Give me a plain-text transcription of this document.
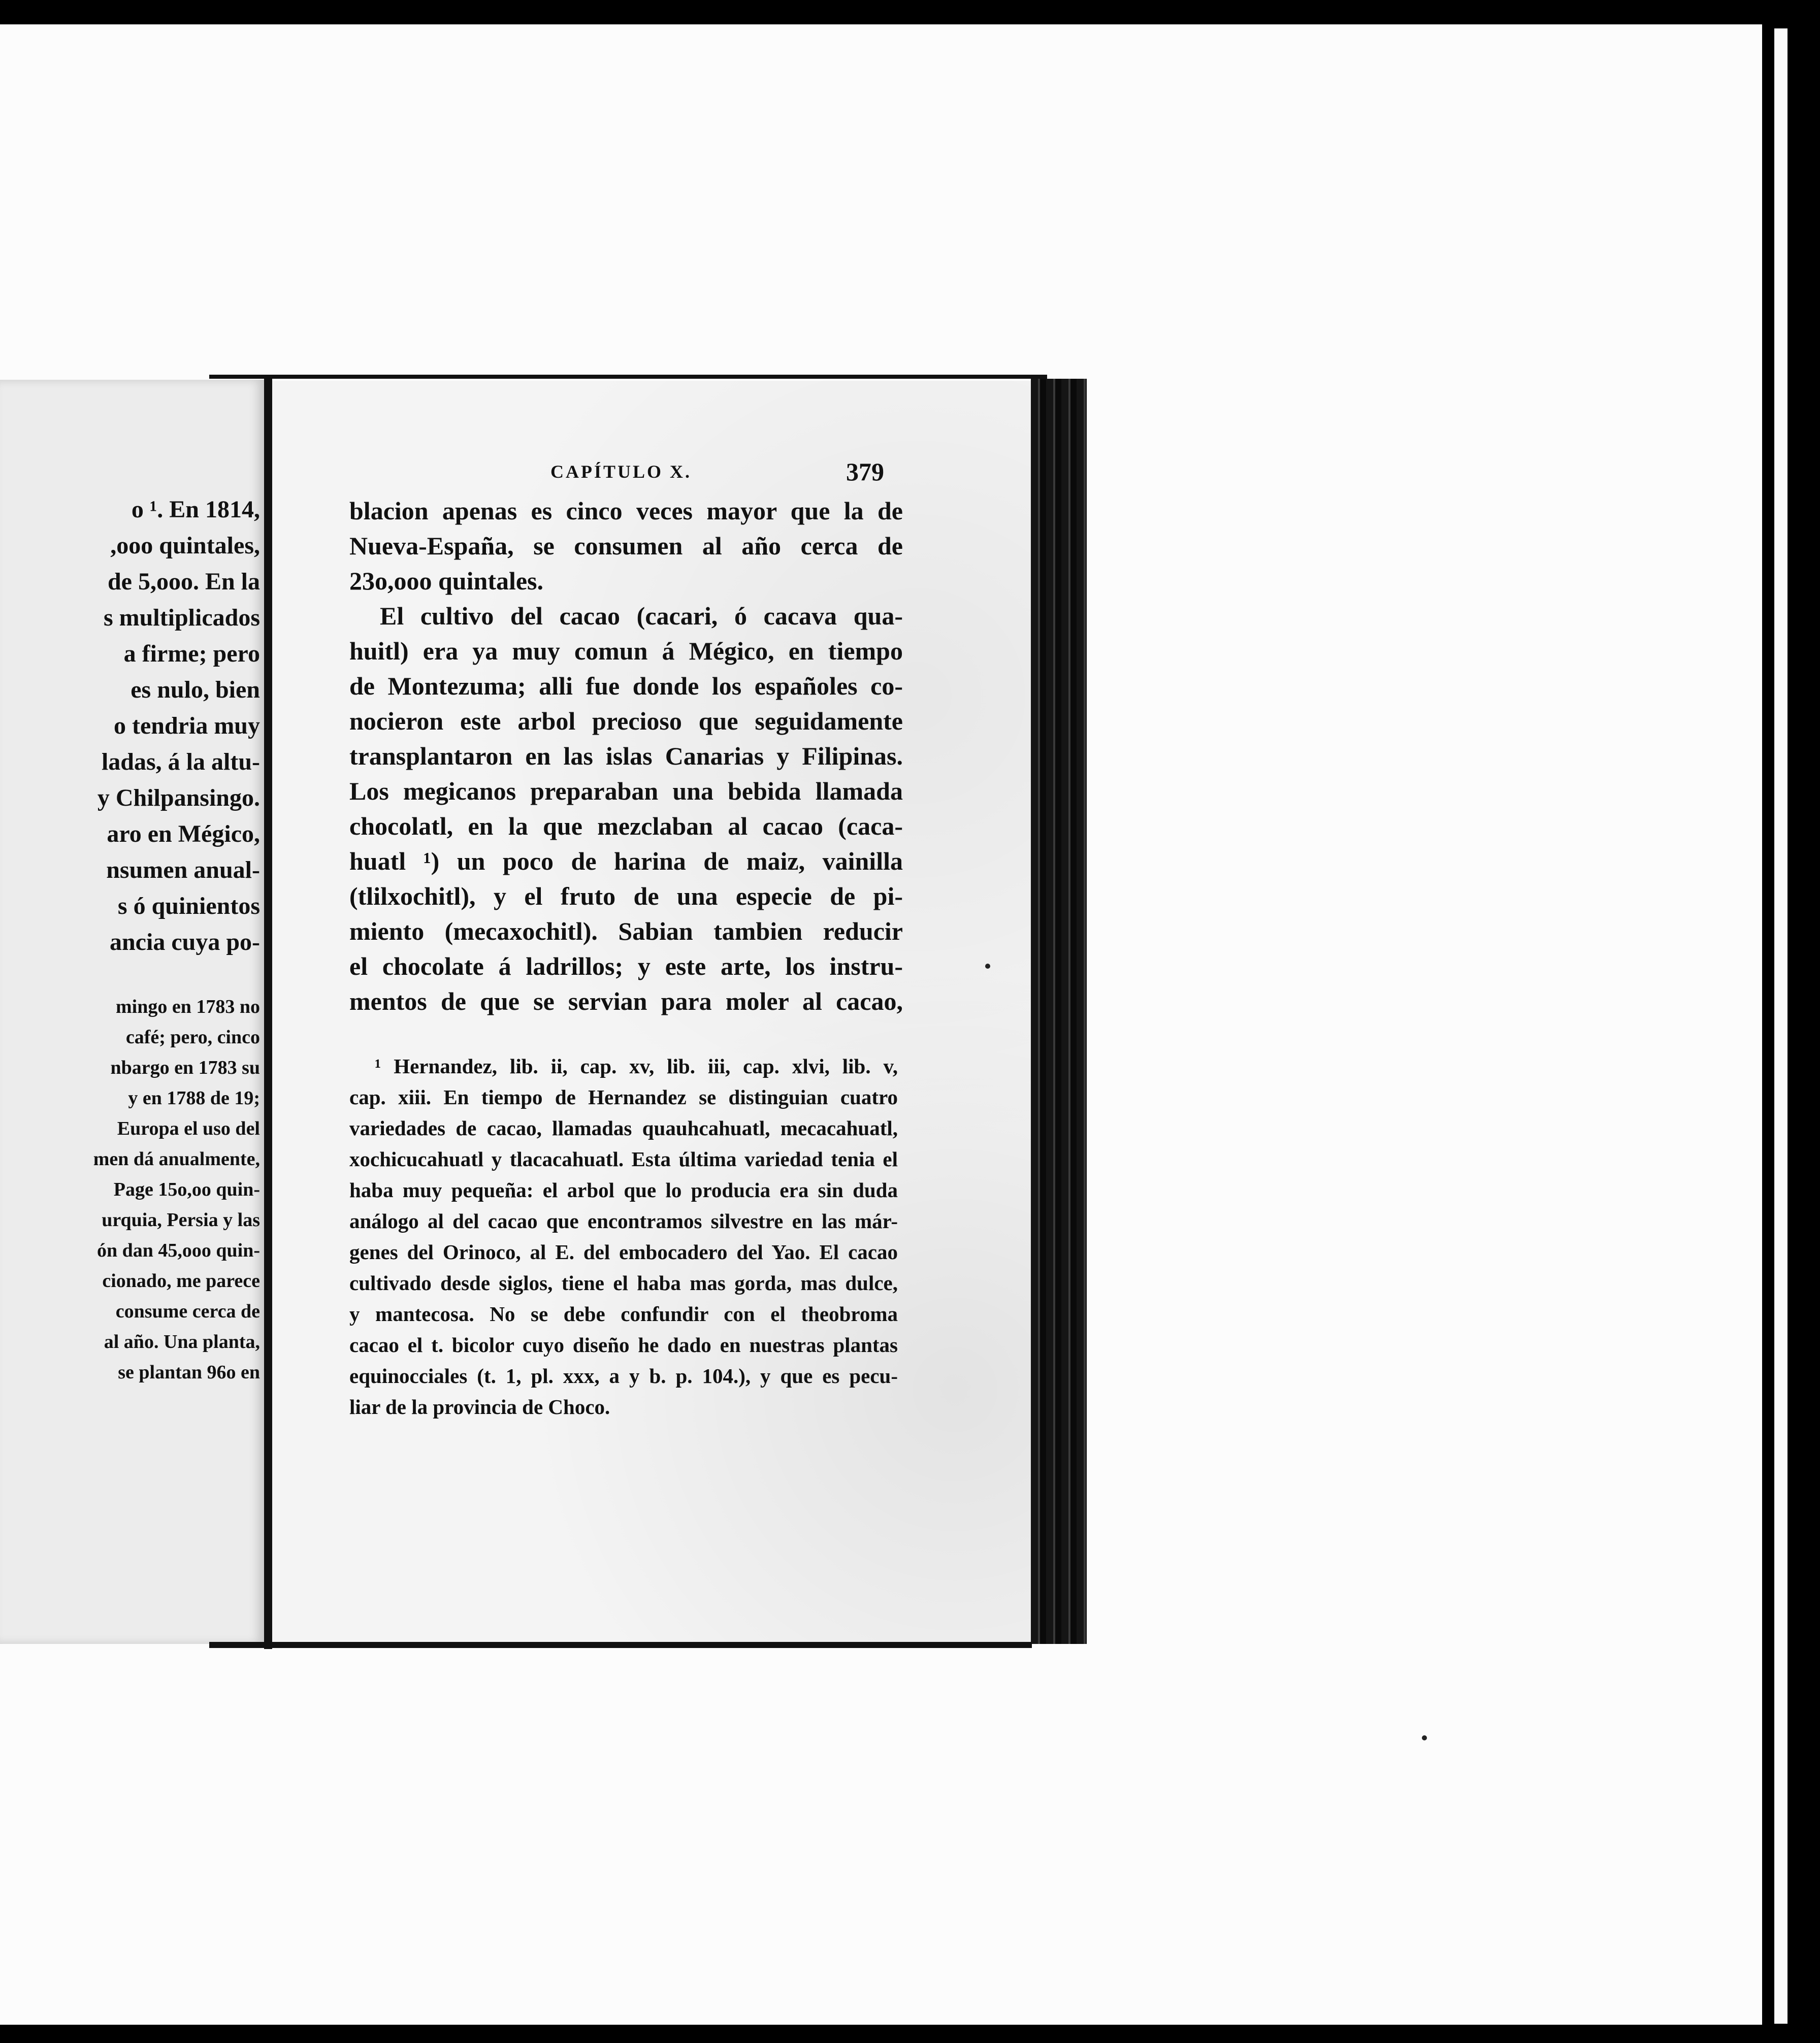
o ¹. En 1814,
,ooo quintales,
de 5,ooo. En la
s multiplicados
a firme; pero
es nulo, bien
o tendria muy
ladas, á la altu-
y Chilpansingo.
aro en Mégico,
nsumen anual-
s ó quinientos
ancia cuya po-
mingo en 1783 no
café; pero, cinco
nbargo en 1783 su
y en 1788 de 19;
Europa el uso del
men dá anualmente,
Page 15o,oo quin-
urquia, Persia y las
ón dan 45,ooo quin-
cionado, me parece
consume cerca de
al año. Una planta,
se plantan 96o en
CAPÍTULO X.	379
blacion apenas es cinco veces mayor que la de
Nueva-España, se consumen al año cerca de
23o,ooo quintales.
El cultivo del cacao (cacari, ó cacava qua-
huitl) era ya muy comun á Mégico, en tiempo
de Montezuma; alli fue donde los españoles co-
nocieron este arbol precioso que seguidamente
transplantaron en las islas Canarias y Filipinas.
Los megicanos preparaban una bebida llamada
chocolatl, en la que mezclaban al cacao (caca-
huatl ¹) un poco de harina de maiz, vainilla
(tlilxochitl), y el fruto de una especie de pi-
miento (mecaxochitl). Sabian tambien reducir
el chocolate á ladrillos; y este arte, los instru-
mentos de que se servian para moler al cacao,
¹ Hernandez, lib. ii, cap. xv, lib. iii, cap. xlvi, lib. v,
cap. xiii. En tiempo de Hernandez se distinguian cuatro
variedades de cacao, llamadas quauhcahuatl, mecacahuatl,
xochicucahuatl y tlacacahuatl. Esta última variedad tenia el
haba muy pequeña: el arbol que lo producia era sin duda
análogo al del cacao que encontramos silvestre en las már-
genes del Orinoco, al E. del embocadero del Yao. El cacao
cultivado desde siglos, tiene el haba mas gorda, mas dulce,
y mantecosa. No se debe confundir con el theobroma
cacao el t. bicolor cuyo diseño he dado en nuestras plantas
equinocciales (t. 1, pl. xxx, a y b. p. 104.), y que es pecu-
liar de la provincia de Choco.
